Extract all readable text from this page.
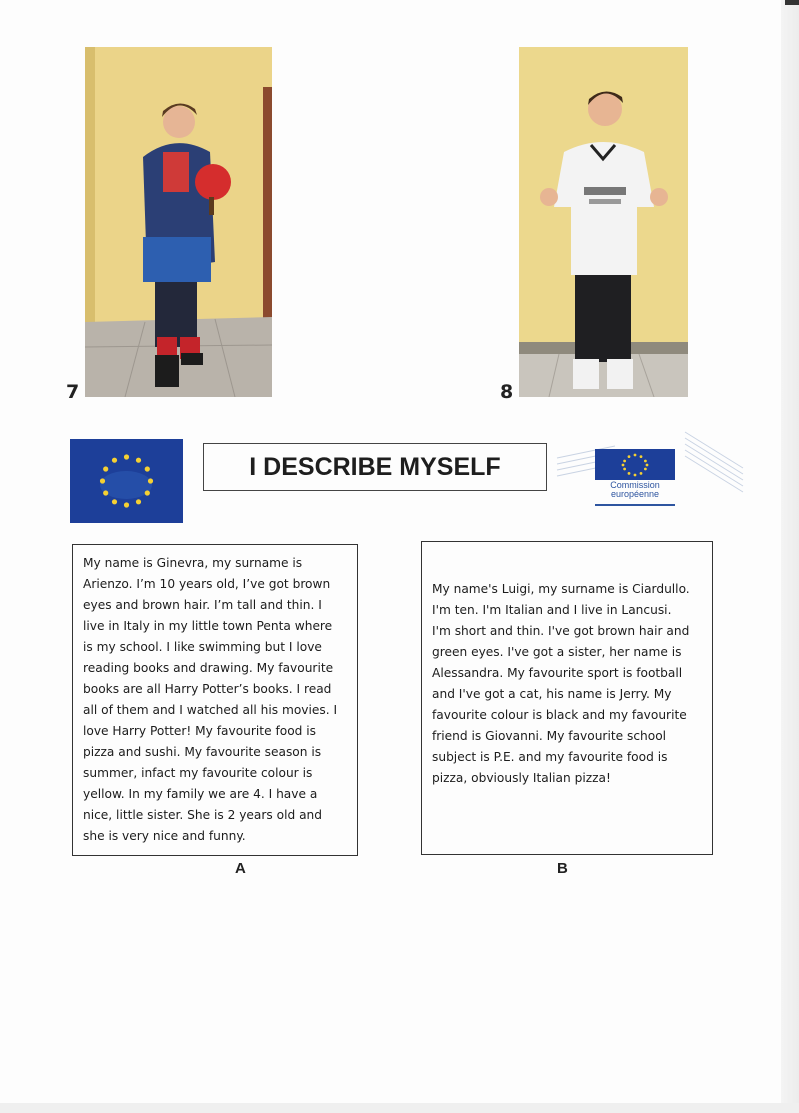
7	8
I DESCRIBE MYSELF
Commission
européenne

My name is Ginevra, my surname is
Arienzo. I’m 10 years old, I’ve got brown
eyes and brown hair. I’m tall and thin. I
live in Italy in my little town Penta where
is my school. I like swimming but I love
reading books and drawing. My favourite
books are all Harry Potter’s books. I read
all of them and I watched all his movies. I
love Harry Potter! My favourite food is
pizza and sushi. My favourite season is
summer, infact my favourite colour is
yellow. In my family we are 4. I have a
nice, little sister. She is 2 years old and
she is very nice and funny.

A

My name's Luigi, my surname is Ciardullo.
I'm ten. I'm Italian and I live in Lancusi.
I'm short and thin. I've got brown hair and
green eyes. I've got a sister, her name is
Alessandra. My favourite sport is football
and I've got a cat, his name is Jerry. My
favourite colour is black and my favourite
friend is Giovanni. My favourite school
subject is P.E. and my favourite food is
pizza, obviously Italian pizza!

B
